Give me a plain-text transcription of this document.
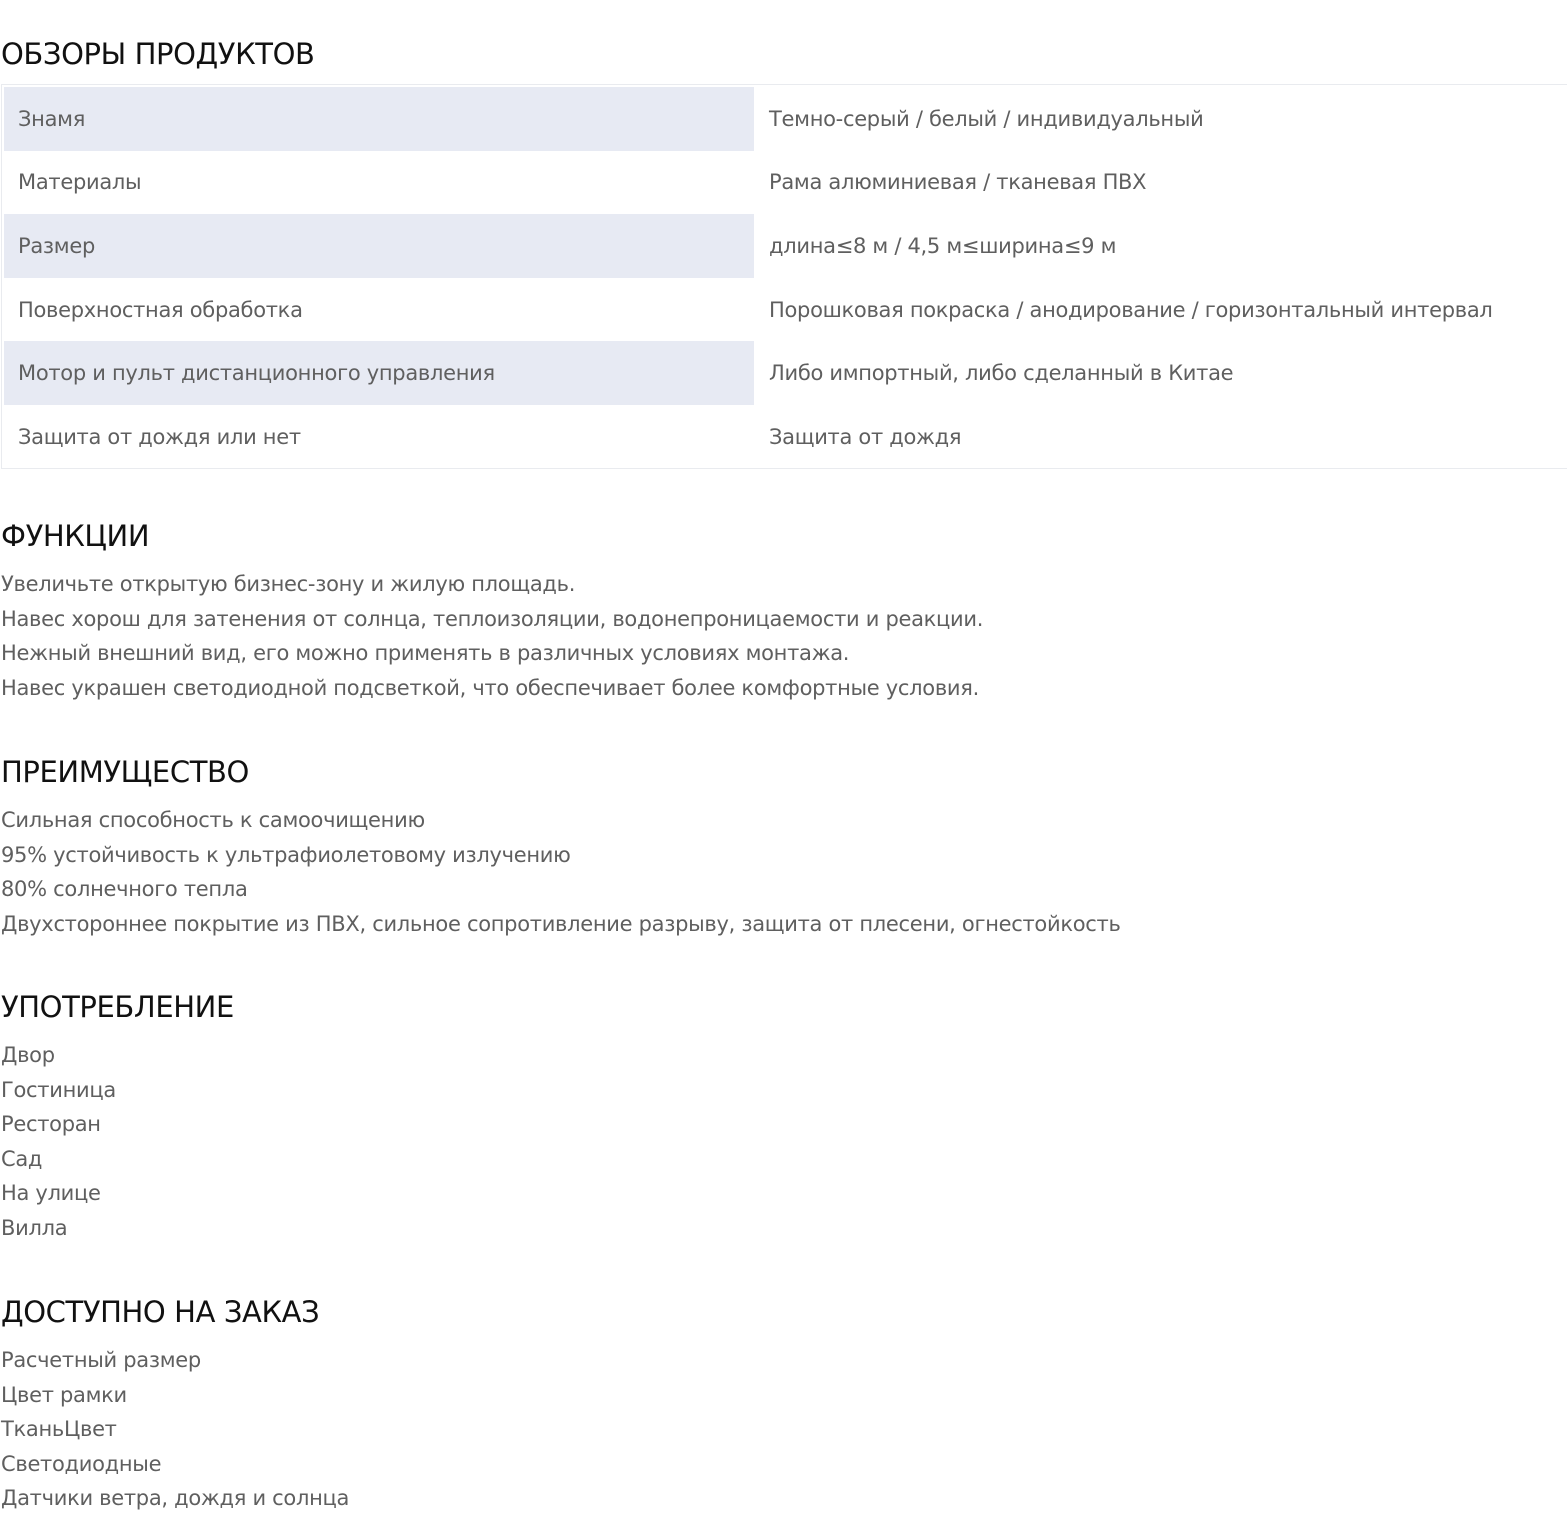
ОБЗОРЫ ПРОДУКТОВ
Знамя	Темно-серый / белый / индивидуальный
Материалы	Рама алюминиевая / тканевая ПВХ
Размер	длина≤8 м / 4,5 м≤ширина≤9 м
Поверхностная обработка	Порошковая покраска / анодирование / горизонтальный интервал
Мотор и пульт дистанционного управления	Либо импортный, либо сделанный в Китае
Защита от дождя или нет	Защита от дождя
ФУНКЦИИ
Увеличьте открытую бизнес-зону и жилую площадь.
Навес хорош для затенения от солнца, теплоизоляции, водонепроницаемости и реакции.
Нежный внешний вид, его можно применять в различных условиях монтажа.
Навес украшен светодиодной подсветкой, что обеспечивает более комфортные условия.
ПРЕИМУЩЕСТВО
Сильная способность к самоочищению
95% устойчивость к ультрафиолетовому излучению
80% солнечного тепла
Двухстороннее покрытие из ПВХ, сильное сопротивление разрыву, защита от плесени, огнестойкость
УПОТРЕБЛЕНИЕ
Двор
Гостиница
Ресторан
Сад
На улице
Вилла
ДОСТУПНО НА ЗАКАЗ
Расчетный размер
Цвет рамки
ТканьЦвет
Светодиодные
Датчики ветра, дождя и солнца
